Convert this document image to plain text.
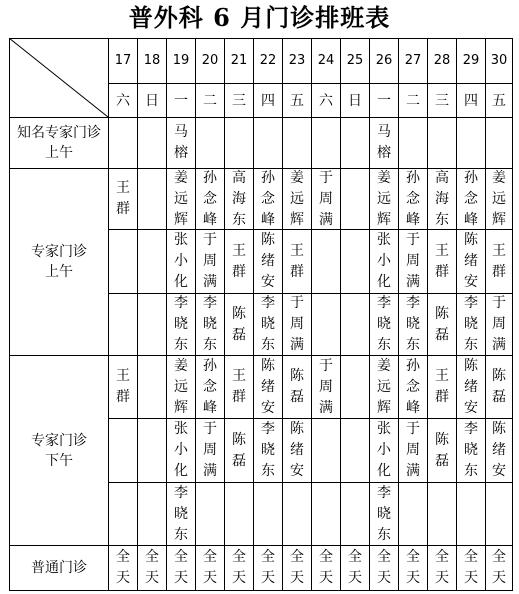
普外科 6 月门诊排班表
17
六
18
日
19
一
20
二
21
三
22
四
23
五
24
六
25
日
26
一
27
二
28
三
29
四
30
五
知名专家门诊
上午
专家门诊
上午
专家门诊
下午
普通门诊
王
群
王
群
全
天
全
天
马
榕
姜
远
辉
姜
远
辉
张
小
化
张
小
化
李
晓
东
李
晓
东
全
天
孙
念
峰
孙
念
峰
于
周
满
于
周
满
李
晓
东
全
天
高
海
东
王
群
王
群
陈
磊
陈
磊
全
天
孙
念
峰
陈
绪
安
陈
绪
安
李
晓
东
李
晓
东
全
天
姜
远
辉
陈
磊
王
群
陈
绪
安
于
周
满
全
天
于
周
满
于
周
满
全
天
全
天
马
榕
姜
远
辉
姜
远
辉
张
小
化
张
小
化
李
晓
东
李
晓
东
全
天
孙
念
峰
孙
念
峰
于
周
满
于
周
满
李
晓
东
全
天
高
海
东
王
群
王
群
陈
磊
陈
磊
全
天
孙
念
峰
陈
绪
安
陈
绪
安
李
晓
东
李
晓
东
全
天
姜
远
辉
陈
磊
王
群
陈
绪
安
于
周
满
全
天
